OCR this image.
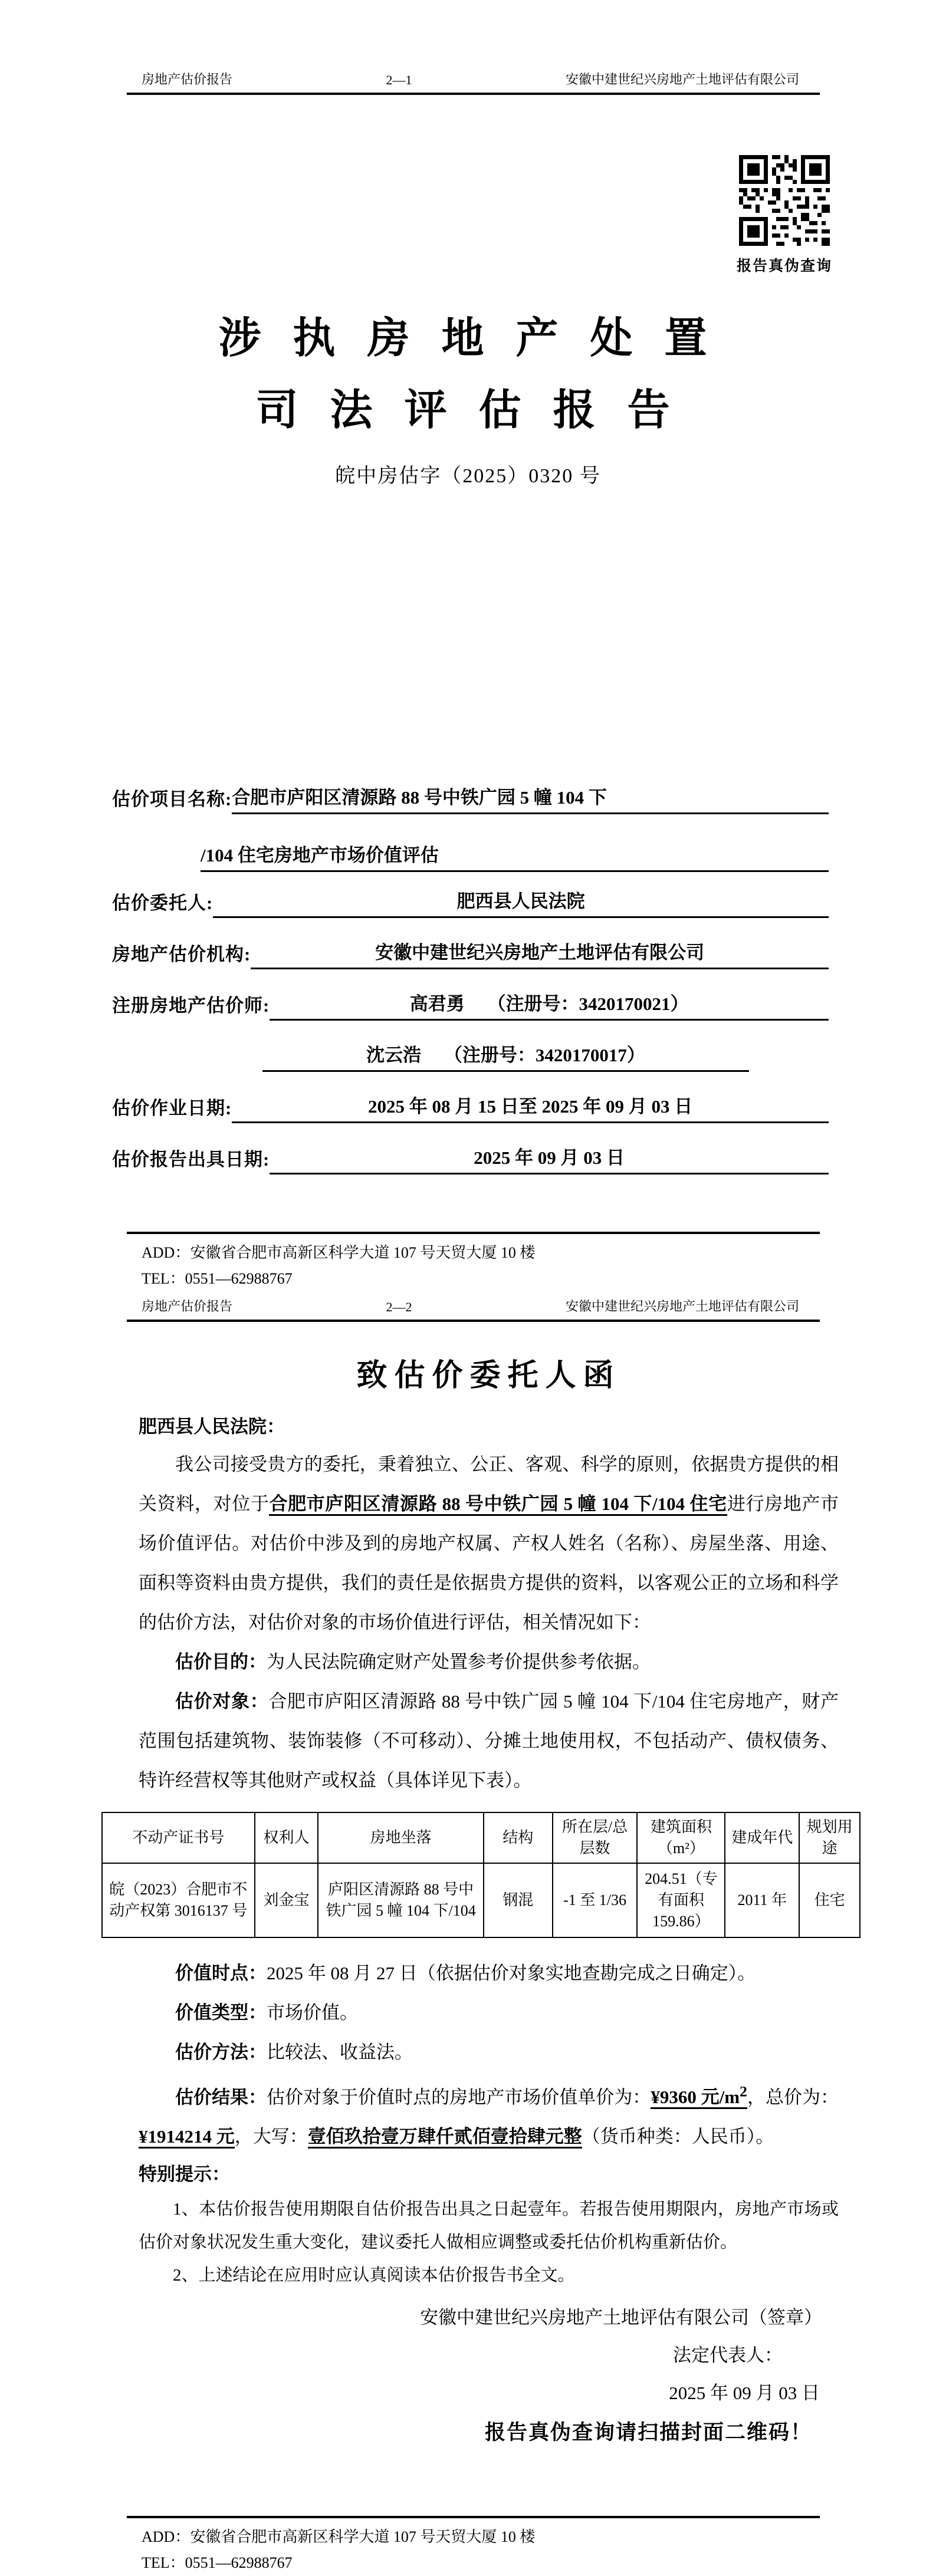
房地产估价报告	2—1	安徽中建世纪兴房地产土地评估有限公司
报告真伪查询
涉 执 房 地 产 处 置
司 法 评 估 报 告
皖中房估字（2025）0320 号
估价项目名称: 合肥市庐阳区清源路 88 号中铁广园 5 幢 104 下
/104 住宅房地产市场价值评估
估价委托人:	肥西县人民法院
房地产估价机构:	安徽中建世纪兴房地产土地评估有限公司
注册房地产估价师:	高君勇　 （注册号：3420170021）
沈云浩　 （注册号：3420170017）
估价作业日期:	2025 年 08 月 15 日至 2025 年 09 月 03 日
估价报告出具日期:	2025 年 09 月 03 日
ADD：安徽省合肥市高新区科学大道 107 号天贸大厦 10 楼
TEL：0551—62988767
房地产估价报告	2—2	安徽中建世纪兴房地产土地评估有限公司
致估价委托人函
肥西县人民法院：

我公司接受贵方的委托，秉着独立、公正、客观、科学的原则，依据贵方提供的相关资料，对位于合肥市庐阳区清源路 88 号中铁广园 5 幢 104 下/104 住宅进行房地产市场价值评估。对估价中涉及到的房地产权属、产权人姓名（名称）、房屋坐落、用途、面积等资料由贵方提供，我们的责任是依据贵方提供的资料，以客观公正的立场和科学的估价方法，对估价对象的市场价值进行评估，相关情况如下：

估价目的：为人民法院确定财产处置参考价提供参考依据。

估价对象：合肥市庐阳区清源路 88 号中铁广园 5 幢 104 下/104 住宅房地产，财产范围包括建筑物、装饰装修（不可移动）、分摊土地使用权，不包括动产、债权债务、特许经营权等其他财产或权益（具体详见下表）。

不动产证书号	权利人	房地坐落	结构	所在层/总层数	建筑面积（m²）	建成年代	规划用途
皖（2023）合肥市不动产权第 3016137 号	刘金宝	庐阳区清源路 88 号中铁广园 5 幢 104 下/104	钢混	-1 至 1/36	204.51（专有面积 159.86）	2011 年	住宅

价值时点：2025 年 08 月 27 日（依据估价对象实地查勘完成之日确定）。

价值类型：市场价值。

估价方法：比较法、收益法。

估价结果：估价对象于价值时点的房地产市场价值单价为：¥9360 元$/m^2$，总价为：¥1914214 元，大写：壹佰玖拾壹万肆仟贰佰壹拾肆元整（货币种类：人民币）。

特别提示：

1、本估价报告使用期限自估价报告出具之日起壹年。若报告使用期限内，房地产市场或估价对象状况发生重大变化，建议委托人做相应调整或委托估价机构重新估价。

2、上述结论在应用时应认真阅读本估价报告书全文。

安徽中建世纪兴房地产土地评估有限公司（签章）
法定代表人：
2025 年 09 月 03 日
报告真伪查询请扫描封面二维码！
ADD：安徽省合肥市高新区科学大道 107 号天贸大厦 10 楼
TEL：0551—62988767
